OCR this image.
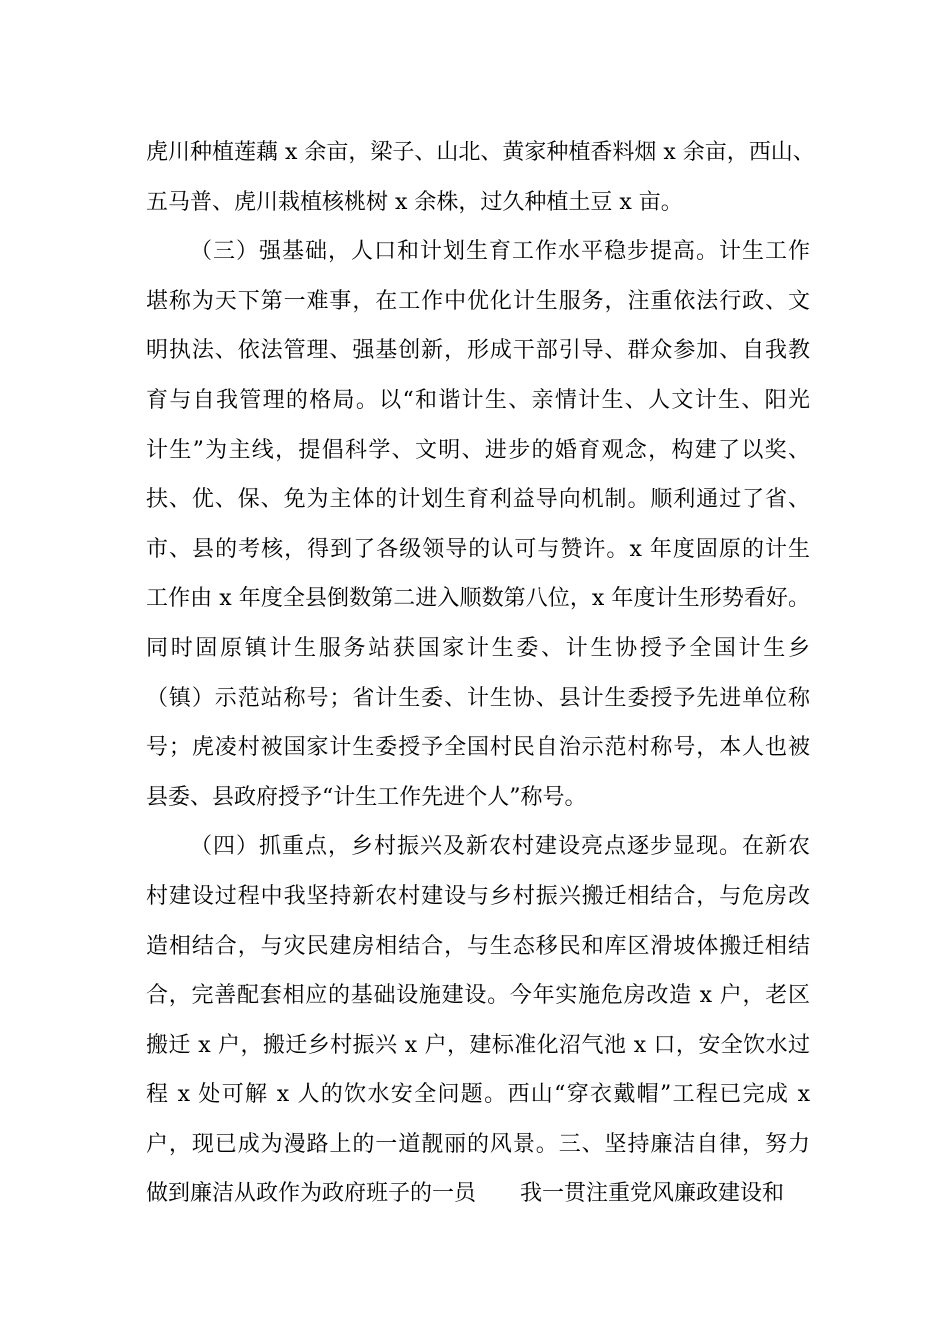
虎川种植莲藕 x 余亩，梁子、山北、黄家种植香料烟 x 余亩，西山、
五马普、虎川栽植核桃树 x 余株，过久种植土豆 x 亩。
（三）强基础，人口和计划生育工作水平稳步提高。计生工作
堪称为天下第一难事，在工作中优化计生服务，注重依法行政、文
明执法、依法管理、强基创新，形成干部引导、群众参加、自我教
育与自我管理的格局。以“和谐计生、亲情计生、人文计生、阳光
计生”为主线，提倡科学、文明、进步的婚育观念，构建了以奖、
扶、优、保、免为主体的计划生育利益导向机制。顺利通过了省、
市、县的考核，得到了各级领导的认可与赞许。x 年度固原的计生
工作由 x 年度全县倒数第二进入顺数第八位，x 年度计生形势看好。
同时固原镇计生服务站获国家计生委、计生协授予全国计生乡
（镇）示范站称号；省计生委、计生协、县计生委授予先进单位称
号；虎凌村被国家计生委授予全国村民自治示范村称号，本人也被
县委、县政府授予“计生工作先进个人”称号。
（四）抓重点，乡村振兴及新农村建设亮点逐步显现。在新农
村建设过程中我坚持新农村建设与乡村振兴搬迁相结合，与危房改
造相结合，与灾民建房相结合，与生态移民和库区滑坡体搬迁相结
合，完善配套相应的基础设施建设。今年实施危房改造 x 户，老区
搬迁 x 户，搬迁乡村振兴 x 户，建标准化沼气池 x 口，安全饮水过
程 x 处可解 x 人的饮水安全问题。西山“穿衣戴帽”工程已完成 x
户，现已成为漫路上的一道靓丽的风景。三、坚持廉洁自律，努力
做到廉洁从政作为政府班子的一员 我一贯注重党风廉政建设和
